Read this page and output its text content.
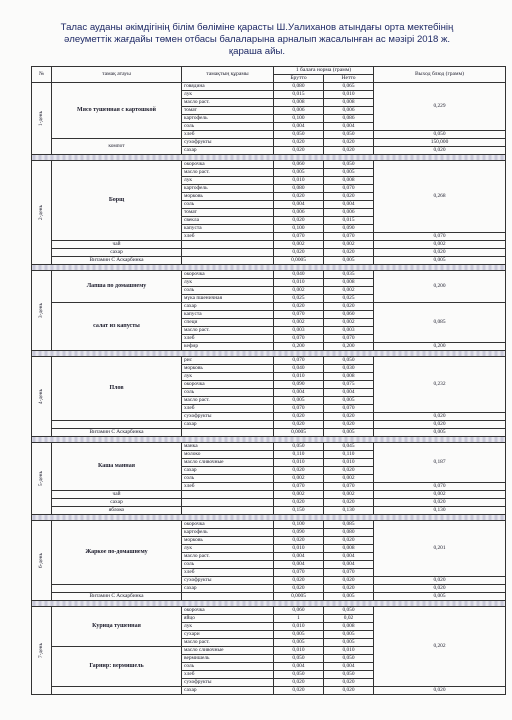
Талас ауданы әкімдігінің білім бөліміне қарасты Ш.Уалиханов атындағы орта мектебінің
әлеуметтік жағдайы төмен отбасы балаларына арналып жасалынған ас мәзірі 2018 ж.
қараша айы.
№	тамақ атауы	тамақтың құрамы	1 балаға норма (грамм)		Выход блюд (грамм)
			Брутто	Нетто	
1-день	Мясо тушенная с картошкой	говядина	0,080	0,065	0,229
		лук	0,015	0,010	
		масло раст.	0,008	0,008	
		томат	0,006	0,006	
		картофель	0,100	0,086	
		соль	0,004	0,004	
		хлеб	0,050	0,050	0,050
	компот	сухофрукты	0,020	0,020	150,000
		сахар	0,020	0,020	0,020

2-день	Борщ	окорочка	0,060	0,050	0,268
		масло раст.	0,005	0,005	
		лук	0,010	0,008	
		картофель	0,080	0,070	
		морковь	0,020	0,020	
		соль	0,004	0,004	
		томат	0,006	0,006	
		свекла	0,020	0,015	
		капуста	0,100	0,090	
		хлеб	0,070	0,070	0,070
	чай		0,002	0,002	0,002
	сахар		0,020	0,020	0,020
	Витамин С Аскарбинка		0,0005	0,005	0,005

3-день	Лапша по домашнему	окорочка	0,040	0,035	0,200
		лук	0,010	0,008	
		соль	0,002	0,002	
		мүка пшеничная	0,025	0,025	
	салат из капусты	сахар	0,020	0,020	0,085
		капуста	0,070	0,060	
		специ	0,002	0,002	
		масло раст.	0,003	0,003	
		хлеб	0,070	0,070	
		кефир	0,200	0,200	0,200

4-день	Плов	рис	0,070	0,050	0,232
		морковь	0,040	0,030	
		лук	0,010	0,008	
		окорочка	0,090	0,075	
		соль	0,004	0,004	
		масло раст.	0,005	0,005	
		хлеб	0,070	0,070	
		сухофрукты	0,020	0,020	0,020
		сахар	0,020	0,020	0,020
	Витамин С Аскарбинка		0,0005	0,005	0,005

5-день	Каша манная	манка	0,050	0,045	0,187
		молоко	0,110	0,110	
		масло сливочные	0,010	0,010	
		сахар	0,020	0,020	
		соль	0,002	0,002	
		хлеб	0,070	0,070	0,070
	чай		0,002	0,002	0,002
	сахар		0,020	0,020	0,020
	яблоко		0,150	0,130	0,130

6-день	Жаркое по-домашнему	окорочка	0,100	0,085	0,201
		картофель	0,090	0,080	
		морковь	0,020	0,020	
		лук	0,010	0,008	
		масло раст.	0,004	0,004	
		соль	0,004	0,004	
		хлеб	0,070	0,070	
		сухофрукты	0,020	0,020	0,020
		сахар	0,020	0,020	0,020
	Витамин С Аскарбинка		0,0005	0,005	0,005

7-день	Курица тушенная	окорочка	0,060	0,050	0,202
		яйцо	1	0,02	
		лук	0,010	0,008	
		сухари	0,005	0,005	
		масло раст.	0,005	0,005	
	Гарнир: вермишель	масло сливочные	0,010	0,010	
		вермишель	0,050	0,050	
		соль	0,004	0,004	
		хлеб	0,050	0,050	
		сухофрукты	0,020	0,020	
		сахар	0,020	0,020	0,020
